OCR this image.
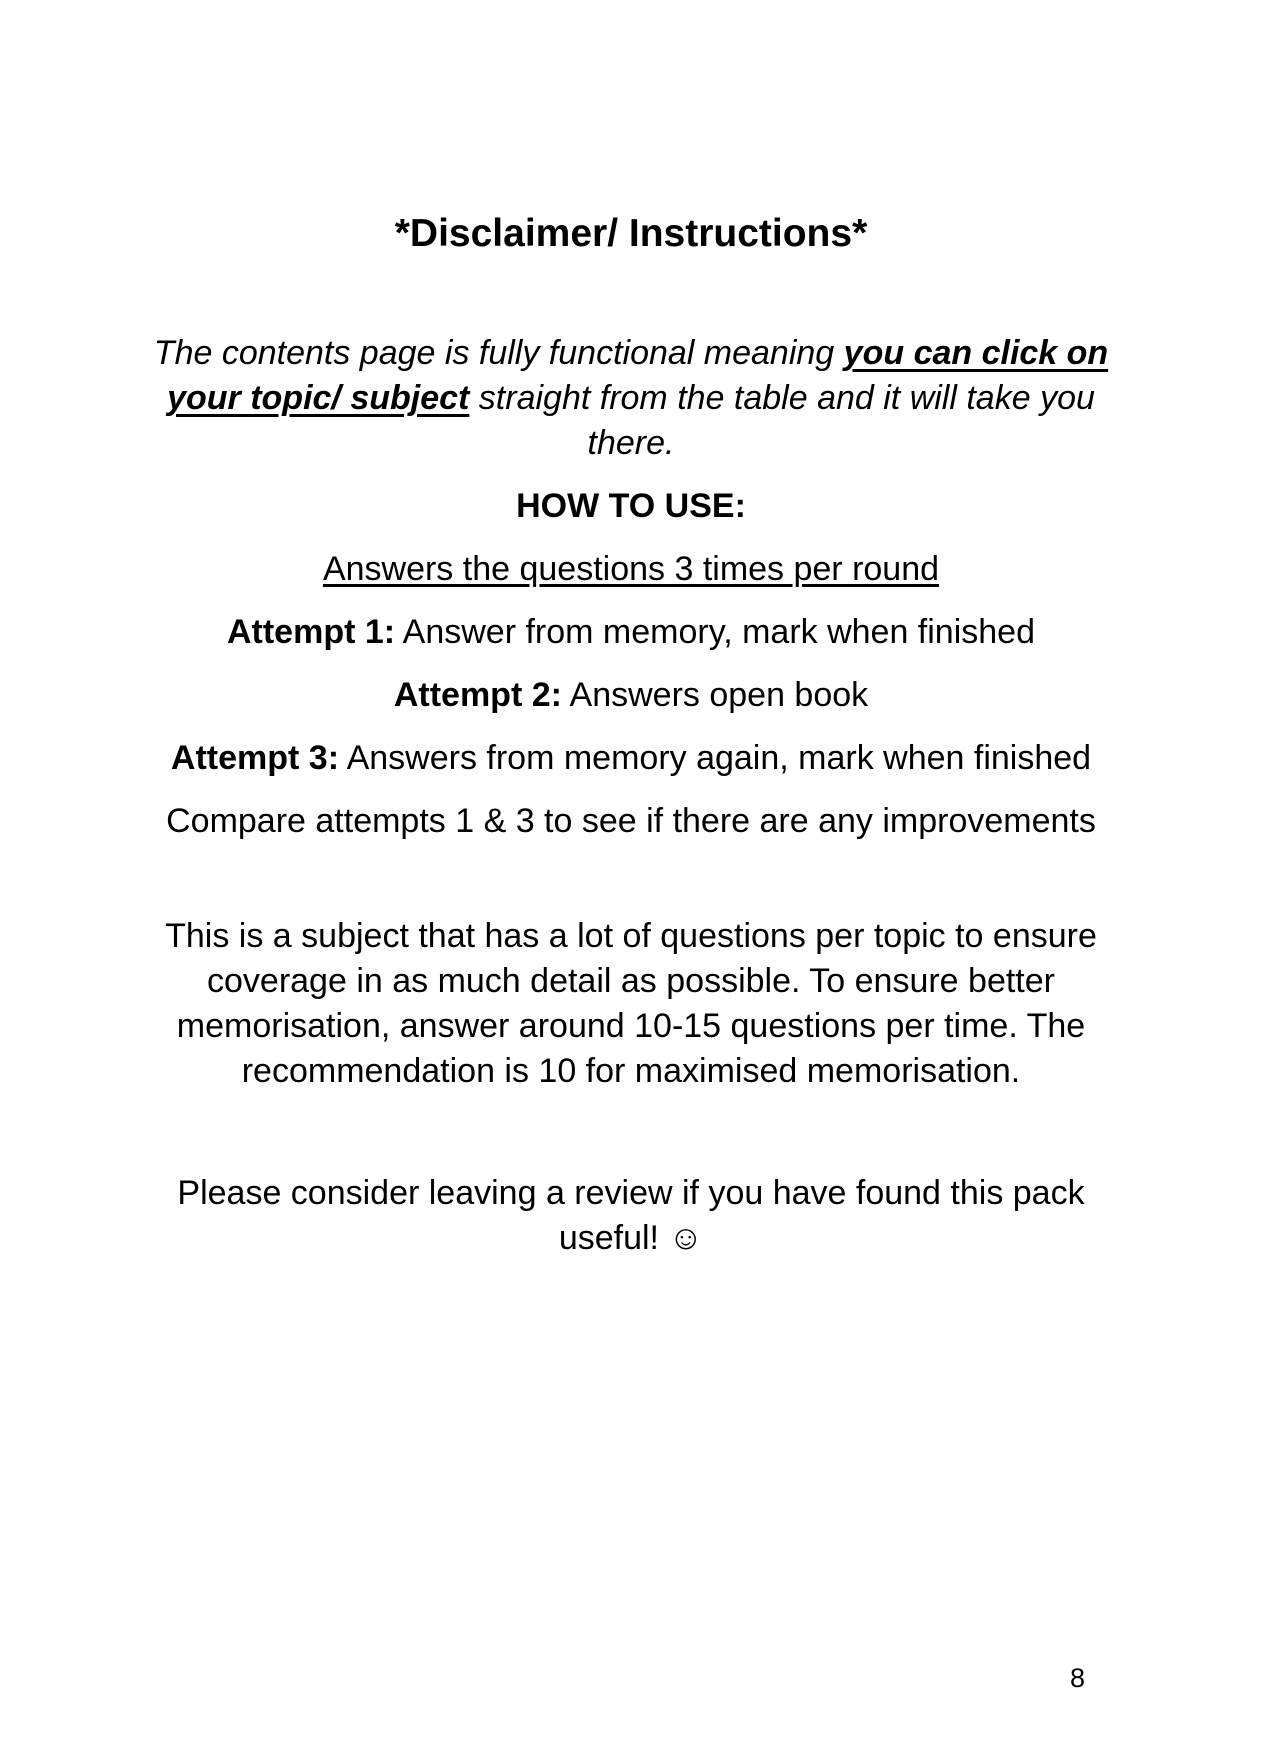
*Disclaimer/ Instructions*

The contents page is fully functional meaning you can click on your topic/ subject straight from the table and it will take you there.

HOW TO USE:

Answers the questions 3 times per round

Attempt 1: Answer from memory, mark when finished

Attempt 2: Answers open book

Attempt 3: Answers from memory again, mark when finished

Compare attempts 1 & 3 to see if there are any improvements

This is a subject that has a lot of questions per topic to ensure coverage in as much detail as possible. To ensure better memorisation, answer around 10-15 questions per time. The recommendation is 10 for maximised memorisation.

Please consider leaving a review if you have found this pack useful! ☺

8
